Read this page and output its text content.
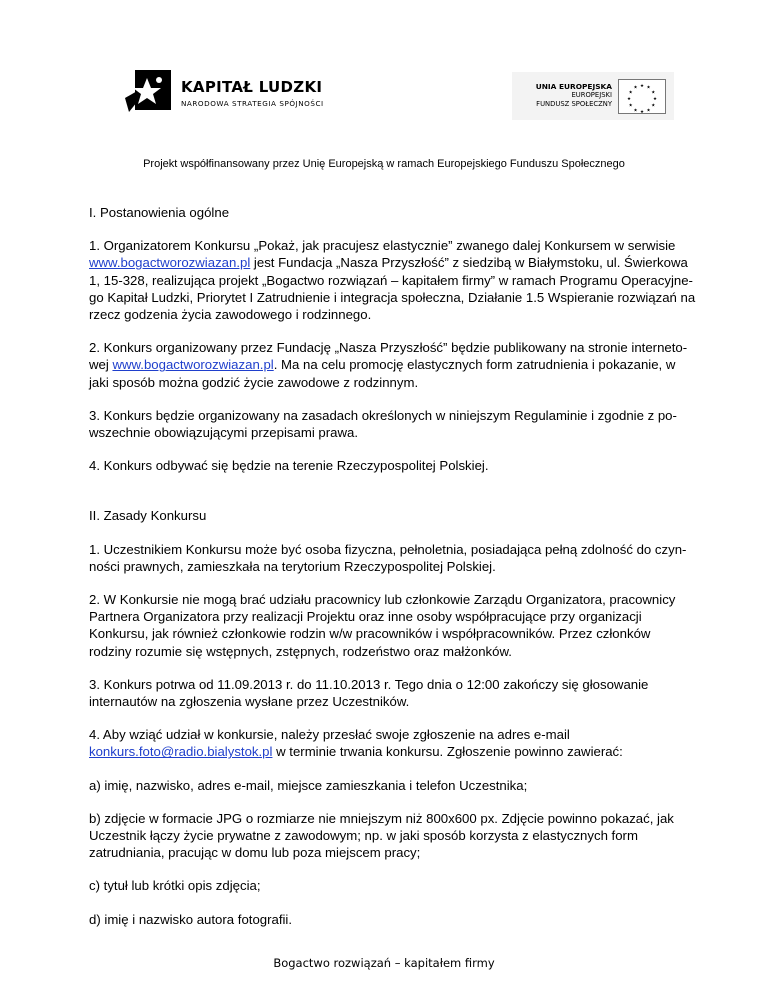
KAPITAŁ LUDZKI
NARODOWA STRATEGIA SPÓJNOŚCI
UNIA EUROPEJSKA
EUROPEJSKI
FUNDUSZ SPOŁECZNY
★ ★
★
★
★
★
★
★
★
★
★
★
Projekt współfinansowany przez Unię Europejską w ramach Europejskiego Funduszu Społecznego
I. Postanowienia ogólne
1. Organizatorem Konkursu „Pokaż, jak pracujesz elastycznie” zwanego dalej Konkursem w serwisie
www.bogactworozwiazan.pl jest Fundacja „Nasza Przyszłość” z siedzibą w Białymstoku, ul. Świerkowa
1, 15-328, realizująca projekt „Bogactwo rozwiązań – kapitałem firmy” w ramach Programu Operacyjne-
go Kapitał Ludzki, Priorytet I Zatrudnienie i integracja społeczna, Działanie 1.5 Wspieranie rozwiązań na
rzecz godzenia życia zawodowego i rodzinnego.
2. Konkurs organizowany przez Fundację „Nasza Przyszłość” będzie publikowany na stronie interneto-
wej www.bogactworozwiazan.pl. Ma na celu promocję elastycznych form zatrudnienia i pokazanie, w
jaki sposób można godzić życie zawodowe z rodzinnym.
3. Konkurs będzie organizowany na zasadach określonych w niniejszym Regulaminie i zgodnie z po-
wszechnie obowiązującymi przepisami prawa.
4. Konkurs odbywać się będzie na terenie Rzeczypospolitej Polskiej.
II. Zasady Konkursu
1. Uczestnikiem Konkursu może być osoba fizyczna, pełnoletnia, posiadająca pełną zdolność do czyn-
ności prawnych, zamieszkała na terytorium Rzeczypospolitej Polskiej.
2. W Konkursie nie mogą brać udziału pracownicy lub członkowie Zarządu Organizatora, pracownicy
Partnera Organizatora przy realizacji Projektu oraz inne osoby współpracujące przy organizacji
Konkursu, jak również członkowie rodzin w/w pracowników i współpracowników. Przez członków
rodziny rozumie się wstępnych, zstępnych, rodzeństwo oraz małżonków.
3. Konkurs potrwa od 11.09.2013 r. do 11.10.2013 r. Tego dnia o 12:00 zakończy się głosowanie
internautów na zgłoszenia wysłane przez Uczestników.
4. Aby wziąć udział w konkursie, należy przesłać swoje zgłoszenie na adres e-mail
konkurs.foto@radio.bialystok.pl w terminie trwania konkursu. Zgłoszenie powinno zawierać:
a) imię, nazwisko, adres e-mail, miejsce zamieszkania i telefon Uczestnika;
b) zdjęcie w formacie JPG o rozmiarze nie mniejszym niż 800x600 px. Zdjęcie powinno pokazać, jak
Uczestnik łączy życie prywatne z zawodowym; np. w jaki sposób korzysta z elastycznych form
zatrudniania, pracując w domu lub poza miejscem pracy;
c) tytuł lub krótki opis zdjęcia;
d) imię i nazwisko autora fotografii.
Bogactwo rozwiązań – kapitałem firmy
